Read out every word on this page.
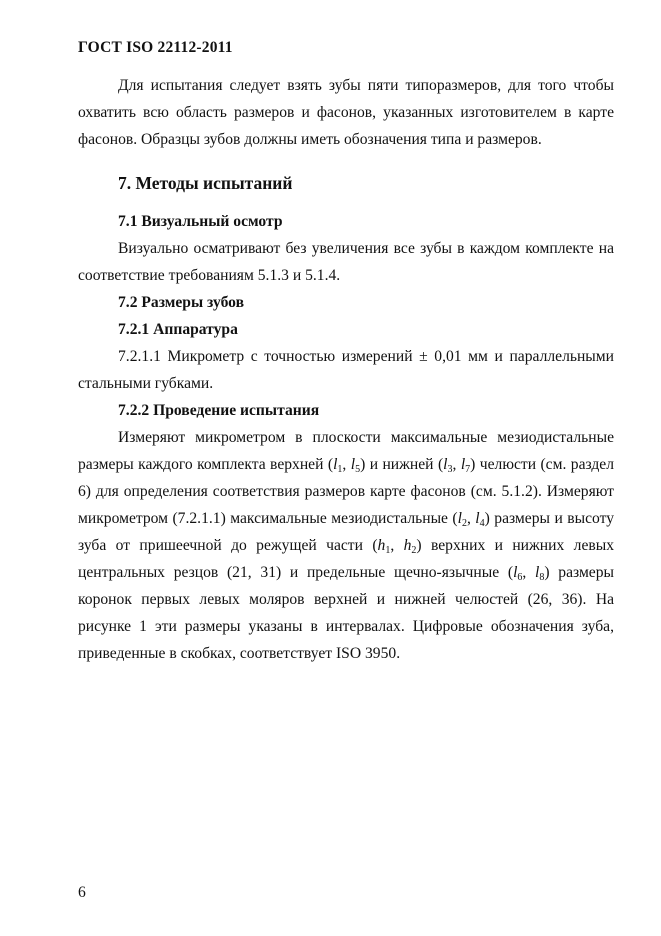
ГОСТ ISO 22112-2011

Для испытания следует взять зубы пяти типоразмеров, для того чтобы охватить всю область размеров и фасонов, указанных изготовителем в карте фасонов. Образцы зубов должны иметь обозначения типа и размеров.

7. Методы испытаний
7.1 Визуальный осмотр

Визуально осматривают без увеличения все зубы в каждом комплекте на соответствие требованиям 5.1.3 и 5.1.4.

7.2 Размеры зубов
7.2.1 Аппаратура

7.2.1.1 Микрометр с точностью измерений ± 0,01 мм и параллельными стальными губками.

7.2.2 Проведение испытания

Измеряют микрометром в плоскости максимальные мезиодистальные размеры каждого комплекта верхней ($l_1$, $l_5$) и нижней ($l_3$, $l_7$) челюсти (см. раздел 6) для определения соответствия размеров карте фасонов (см. 5.1.2). Измеряют микрометром (7.2.1.1) максимальные мезиодистальные ($l_2$, $l_4$) размеры и высоту зуба от пришеечной до режущей части ($h_1$, $h_2$) верхних и нижних левых центральных резцов (21, 31) и предельные щечно-язычные ($l_6$, $l_8$) размеры коронок первых левых моляров верхней и нижней челюстей (26, 36). На рисунке 1 эти размеры указаны в интервалах. Цифровые обозначения зуба, приведенные в скобках, соответствует ISO 3950.

6
